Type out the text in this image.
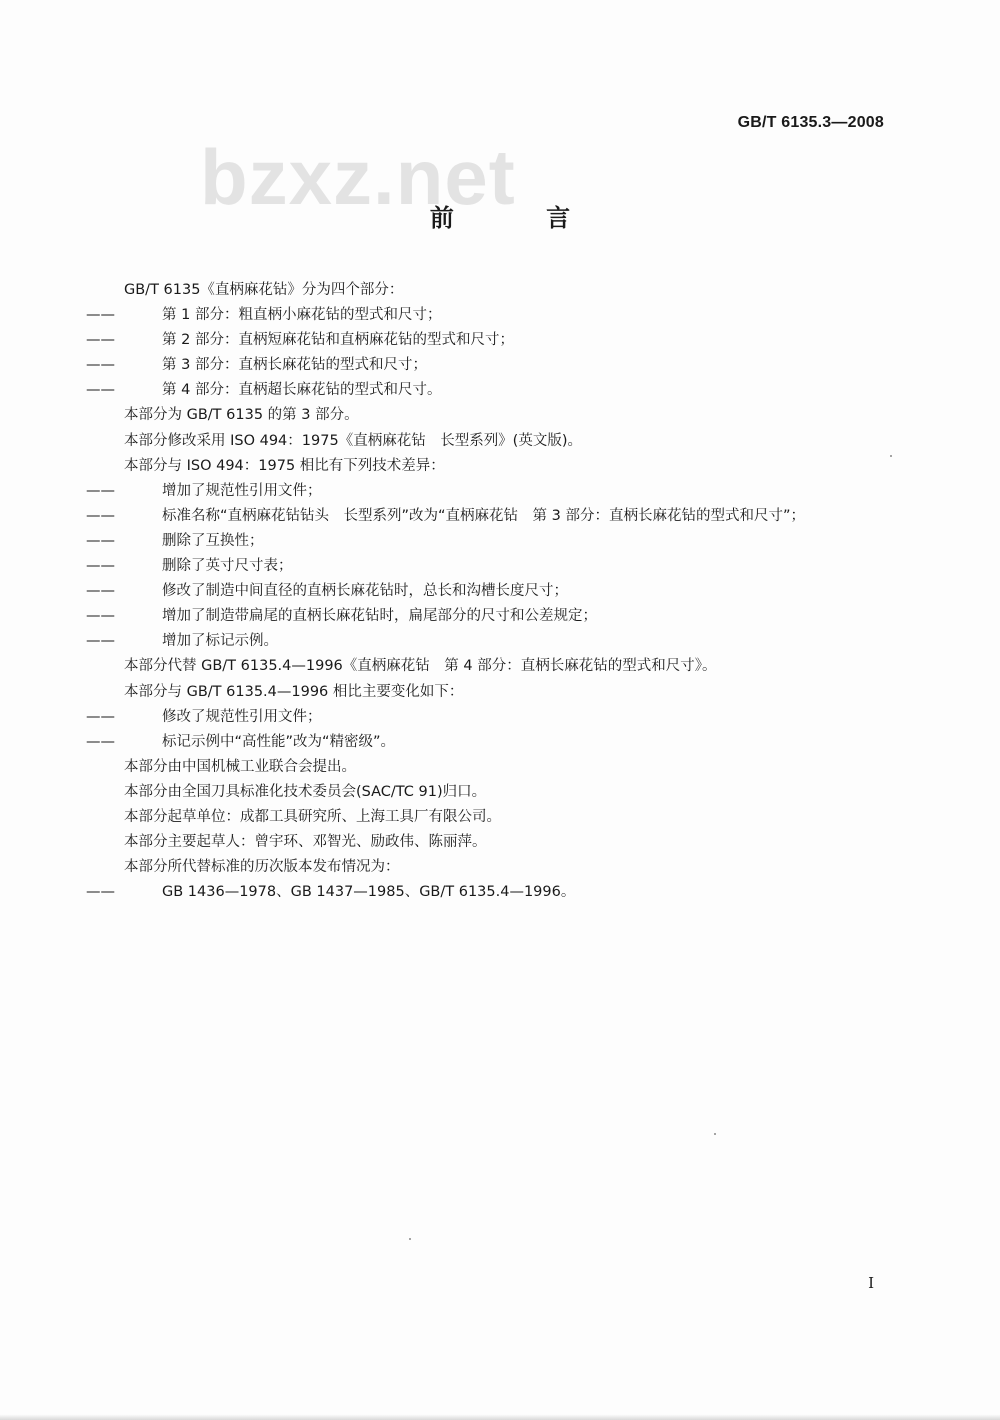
GB/T 6135.3—2008
bzxz.net
前 言
GB/T 6135《直柄麻花钻》分为四个部分：
——	第 1 部分：粗直柄小麻花钻的型式和尺寸；
——	第 2 部分：直柄短麻花钻和直柄麻花钻的型式和尺寸；
——	第 3 部分：直柄长麻花钻的型式和尺寸；
——	第 4 部分：直柄超长麻花钻的型式和尺寸。
本部分为 GB/T 6135 的第 3 部分。
本部分修改采用 ISO 494：1975《直柄麻花钻　长型系列》(英文版)。
本部分与 ISO 494：1975 相比有下列技术差异：
——	增加了规范性引用文件；
——	标准名称“直柄麻花钻钻头　长型系列”改为“直柄麻花钻　第 3 部分：直柄长麻花钻的型式和尺寸”；
——	删除了互换性；
——	删除了英寸尺寸表；
——	修改了制造中间直径的直柄长麻花钻时，总长和沟槽长度尺寸；
——	增加了制造带扁尾的直柄长麻花钻时，扁尾部分的尺寸和公差规定；
——	增加了标记示例。
本部分代替 GB/T 6135.4—1996《直柄麻花钻　第 4 部分：直柄长麻花钻的型式和尺寸》。
本部分与 GB/T 6135.4—1996 相比主要变化如下：
——	修改了规范性引用文件；
——	标记示例中“高性能”改为“精密级”。
本部分由中国机械工业联合会提出。
本部分由全国刀具标准化技术委员会(SAC/TC 91)归口。
本部分起草单位：成都工具研究所、上海工具厂有限公司。
本部分主要起草人：曾宇环、邓智光、励政伟、陈丽萍。
本部分所代替标准的历次版本发布情况为：
——	GB 1436—1978、GB 1437—1985、GB/T 6135.4—1996。
I
